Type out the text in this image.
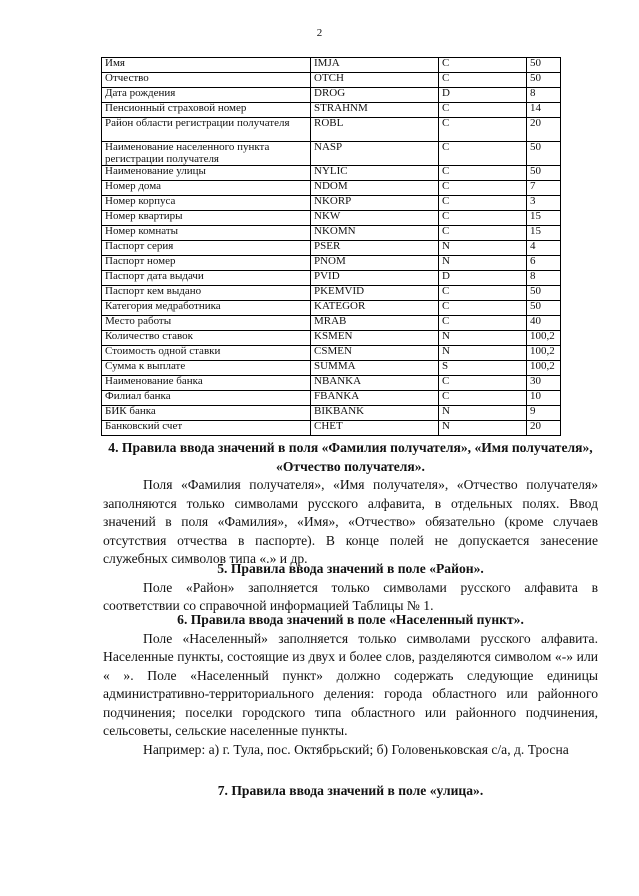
2
Имя	IMJA	C	50
Отчество	OTCH	C	50
Дата рождения	DROG	D	8
Пенсионный страховой номер	STRAHNM	C	14
Район области регистрации получателя	ROBL	C	20
Наименование населенного пункта регистрации получателя	NASP	C	50
Наименование улицы	NYLIC	C	50
Номер дома	NDOM	C	7
Номер корпуса	NKORP	C	3
Номер квартиры	NKW	C	15
Номер комнаты	NKOMN	C	15
Паспорт серия	PSER	N	4
Паспорт номер	PNOM	N	6
Паспорт дата выдачи	PVID	D	8
Паспорт кем выдано	PKEMVID	C	50
Категория медработника	KATEGOR	C	50
Место работы	MRAB	C	40
Количество ставок	KSMEN	N	100,2
Стоимость одной ставки	CSMEN	N	100,2
Сумма к выплате	SUMMA	S	100,2
Наименование банка	NBANKA	C	30
Филиал банка	FBANKA	C	10
БИК банка	BIKBANK	N	9
Банковский счет	CHET	N	20

4. Правила ввода значений в поля «Фамилия получателя», «Имя получателя», «Отчество получателя».

Поля «Фамилия получателя», «Имя получателя», «Отчество получателя» заполняются только символами русского алфавита, в отдельных полях. Ввод значений в поля «Фамилия», «Имя», «Отчество» обязательно (кроме случаев отсутствия отчества в паспорте). В конце полей не допускается занесение служебных символов типа «.» и др.

5. Правила ввода значений в поле «Район».

Поле «Район» заполняется только символами русского алфавита в соответствии со справочной информацией Таблицы № 1.

6. Правила ввода значений в поле «Населенный пункт».

Поле «Населенный» заполняется только символами русского алфавита. Населенные пункты, состоящие из двух и более слов, разделяются символом «-» или « ». Поле «Населенный пункт» должно содержать следующие единицы административно-территориального деления: города областного или районного подчинения; поселки городского типа областного или районного подчинения, сельсоветы, сельские населенные пункты.

Например: а) г. Тула, пос. Октябрьский; б) Головеньковская с/а, д. Тросна

7. Правила ввода значений в поле «улица».
